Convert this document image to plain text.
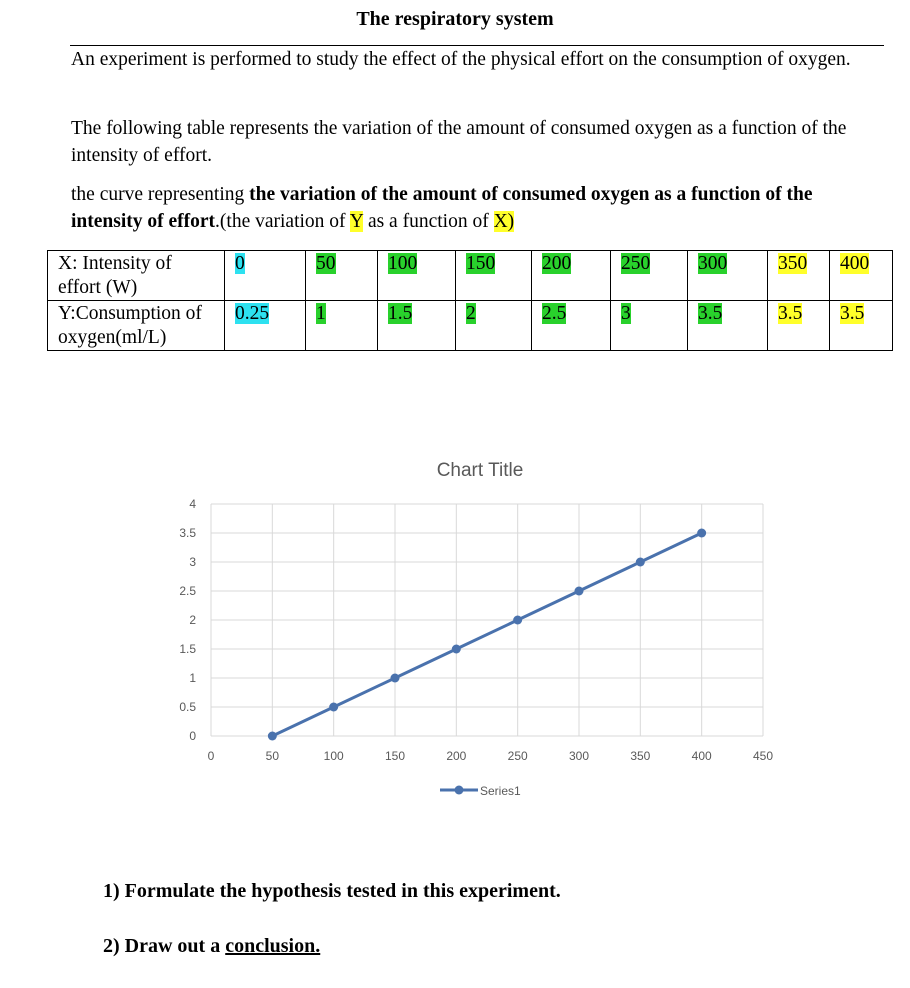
The respiratory system
An experiment is performed to study the effect of the physical effort on the consumption of oxygen.
The following table represents the variation of the amount of consumed oxygen as a function of the intensity of effort.
the curve representing the variation of the amount of consumed oxygen as a function of the intensity of effort.(the variation of Y as a function of X)
X: Intensity of effort (W)	0	50	100	150	200	250	300	350	400
Y:Consumption of oxygen(ml/L)	0.25	1	1.5	2	2.5	3	3.5	3.5	3.5
Chart Title
0
0.5
1
1.5
2
2.5
3
3.5
4
0	50	100	150	200	250	300	350	400	450
Series1
1) Formulate the hypothesis tested in this experiment.
2) Draw out a conclusion.
